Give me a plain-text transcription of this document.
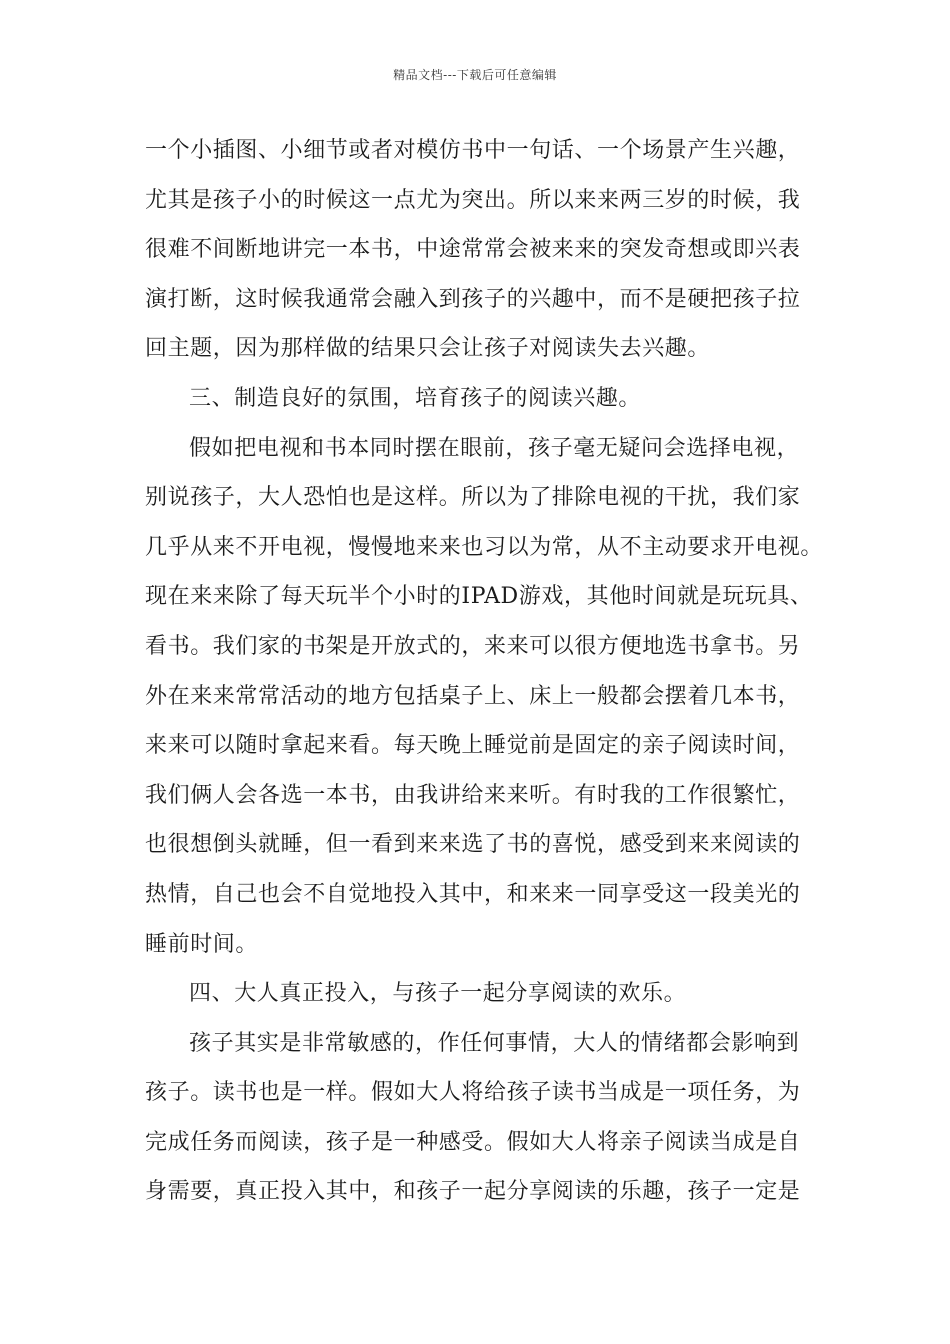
精品文档---下载后可任意编辑
一个小插图、小细节或者对模仿书中一句话、一个场景产生兴趣，
尤其是孩子小的时候这一点尤为突出。所以来来两三岁的时候，我
很难不间断地讲完一本书，中途常常会被来来的突发奇想或即兴表
演打断，这时候我通常会融入到孩子的兴趣中，而不是硬把孩子拉
回主题，因为那样做的结果只会让孩子对阅读失去兴趣。
三、制造良好的氛围，培育孩子的阅读兴趣。
假如把电视和书本同时摆在眼前，孩子毫无疑问会选择电视，
别说孩子，大人恐怕也是这样。所以为了排除电视的干扰，我们家
几乎从来不开电视，慢慢地来来也习以为常，从不主动要求开电视。
现在来来除了每天玩半个小时的IPAD游戏，其他时间就是玩玩具、
看书。我们家的书架是开放式的，来来可以很方便地选书拿书。另
外在来来常常活动的地方包括桌子上、床上一般都会摆着几本书，
来来可以随时拿起来看。每天晚上睡觉前是固定的亲子阅读时间，
我们俩人会各选一本书，由我讲给来来听。有时我的工作很繁忙，
也很想倒头就睡，但一看到来来选了书的喜悦，感受到来来阅读的
热情，自己也会不自觉地投入其中，和来来一同享受这一段美光的
睡前时间。
四、大人真正投入，与孩子一起分享阅读的欢乐。
孩子其实是非常敏感的，作任何事情，大人的情绪都会影响到
孩子。读书也是一样。假如大人将给孩子读书当成是一项任务，为
完成任务而阅读，孩子是一种感受。假如大人将亲子阅读当成是自
身需要，真正投入其中，和孩子一起分享阅读的乐趣，孩子一定是
